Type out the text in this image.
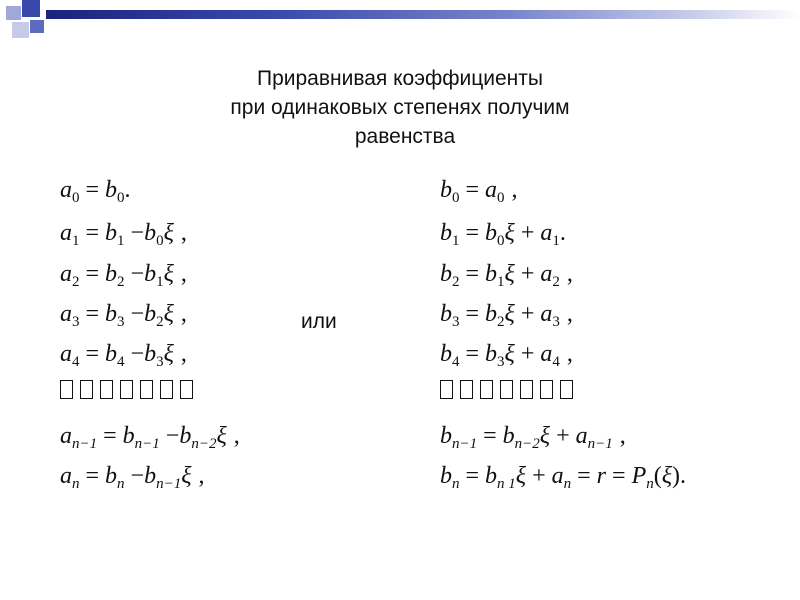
Приравнивая коэффициенты
при одинаковых степенях получим
равенства
$a_0 = b_0$.
$a_1 = b_1 -b_0\xi$ ,
$a_2 = b_2 -b_1\xi$ ,
$a_3 = b_3 -b_2\xi$ ,
$a_4 = b_4 -b_3\xi$ ,
$a_{n-1} = b_{n-1} -b_{n-2}\xi$ ,
$a_n = b_n -b_{n-1}\xi$ ,
или
$b_0 = a_0$ ,
$b_1 = b_0\xi + a_1$.
$b_2 = b_1\xi + a_2$ ,
$b_3 = b_2\xi + a_3$ ,
$b_4 = b_3\xi + a_4$ ,
$b_{n-1} = b_{n-2}\xi + a_{n-1}$ ,
$b_n = b_{n 1}\xi + a_n = r = P_n(\xi)$.
